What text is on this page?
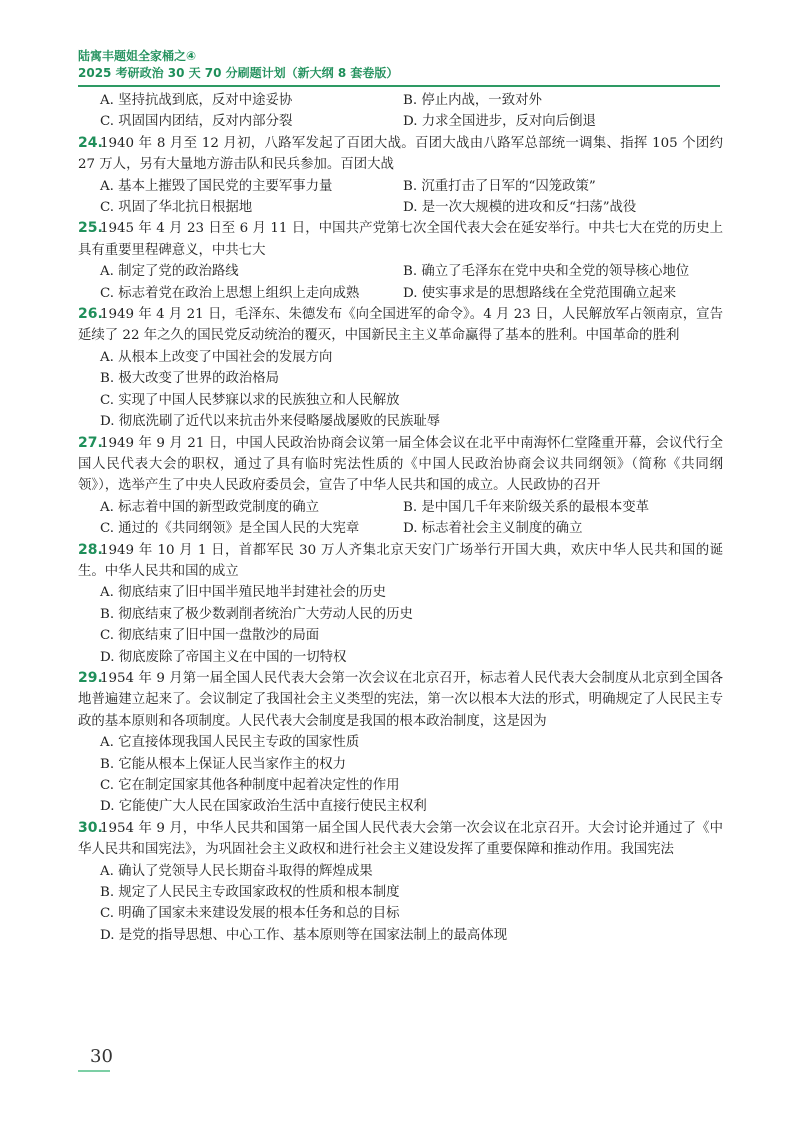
陆寓丰题姐全家桶之④
2025 考研政治 30 天 70 分刷题计划（新大纲 8 套卷版）
A. 坚持抗战到底，反对中途妥协	B. 停止内战，一致对外
C. 巩固国内团结，反对内部分裂	D. 力求全国进步，反对向后倒退
24.1940 年 8 月至 12 月初，八路军发起了百团大战。百团大战由八路军总部统一调集、指挥 105 个团约 27 万人，另有大量地方游击队和民兵参加。百团大战
A. 基本上摧毁了国民党的主要军事力量	B. 沉重打击了日军的“囚笼政策”
C. 巩固了华北抗日根据地	D. 是一次大规模的进攻和反“扫荡”战役
25.1945 年 4 月 23 日至 6 月 11 日，中国共产党第七次全国代表大会在延安举行。中共七大在党的历史上具有重要里程碑意义，中共七大
A. 制定了党的政治路线	B. 确立了毛泽东在党中央和全党的领导核心地位
C. 标志着党在政治上思想上组织上走向成熟	D. 使实事求是的思想路线在全党范围确立起来
26.1949 年 4 月 21 日，毛泽东、朱德发布《向全国进军的命令》。4 月 23 日，人民解放军占领南京，宣告延续了 22 年之久的国民党反动统治的覆灭，中国新民主主义革命赢得了基本的胜利。中国革命的胜利
A. 从根本上改变了中国社会的发展方向
B. 极大改变了世界的政治格局
C. 实现了中国人民梦寐以求的民族独立和人民解放
D. 彻底洗刷了近代以来抗击外来侵略屡战屡败的民族耻辱
27.1949 年 9 月 21 日，中国人民政治协商会议第一届全体会议在北平中南海怀仁堂隆重开幕，会议代行全国人民代表大会的职权，通过了具有临时宪法性质的《中国人民政治协商会议共同纲领》（简称《共同纲领》），选举产生了中央人民政府委员会，宣告了中华人民共和国的成立。人民政协的召开
A. 标志着中国的新型政党制度的确立	B. 是中国几千年来阶级关系的最根本变革
C. 通过的《共同纲领》是全国人民的大宪章	D. 标志着社会主义制度的确立
28.1949 年 10 月 1 日，首都军民 30 万人齐集北京天安门广场举行开国大典，欢庆中华人民共和国的诞生。中华人民共和国的成立
A. 彻底结束了旧中国半殖民地半封建社会的历史
B. 彻底结束了极少数剥削者统治广大劳动人民的历史
C. 彻底结束了旧中国一盘散沙的局面
D. 彻底废除了帝国主义在中国的一切特权
29.1954 年 9 月第一届全国人民代表大会第一次会议在北京召开，标志着人民代表大会制度从北京到全国各地普遍建立起来了。会议制定了我国社会主义类型的宪法，第一次以根本大法的形式，明确规定了人民民主专政的基本原则和各项制度。人民代表大会制度是我国的根本政治制度，这是因为
A. 它直接体现我国人民民主专政的国家性质
B. 它能从根本上保证人民当家作主的权力
C. 它在制定国家其他各种制度中起着决定性的作用
D. 它能使广大人民在国家政治生活中直接行使民主权利
30.1954 年 9 月，中华人民共和国第一届全国人民代表大会第一次会议在北京召开。大会讨论并通过了《中华人民共和国宪法》，为巩固社会主义政权和进行社会主义建设发挥了重要保障和推动作用。我国宪法
A. 确认了党领导人民长期奋斗取得的辉煌成果
B. 规定了人民民主专政国家政权的性质和根本制度
C. 明确了国家未来建设发展的根本任务和总的目标
D. 是党的指导思想、中心工作、基本原则等在国家法制上的最高体现
30
